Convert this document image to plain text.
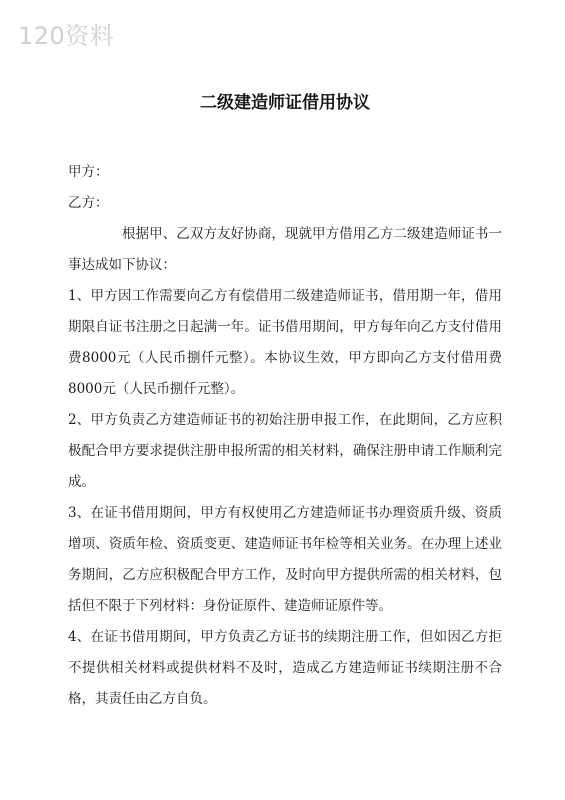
120资料
二级建造师证借用协议

甲方：

乙方：

根据甲、乙双方友好协商，现就甲方借用乙方二级建造师证书一事达成如下协议：

1、甲方因工作需要向乙方有偿借用二级建造师证书，借用期一年，借用期限自证书注册之日起满一年。证书借用期间，甲方每年向乙方支付借用费8000元（人民币捌仟元整）。本协议生效，甲方即向乙方支付借用费8000元（人民币捌仟元整）。

2、甲方负责乙方建造师证书的初始注册申报工作，在此期间，乙方应积极配合甲方要求提供注册申报所需的相关材料，确保注册申请工作顺利完成。

3、在证书借用期间，甲方有权使用乙方建造师证书办理资质升级、资质增项、资质年检、资质变更、建造师证书年检等相关业务。在办理上述业务期间，乙方应积极配合甲方工作，及时向甲方提供所需的相关材料，包括但不限于下列材料：身份证原件、建造师证原件等。

4、在证书借用期间，甲方负责乙方证书的续期注册工作，但如因乙方拒不提供相关材料或提供材料不及时，造成乙方建造师证书续期注册不合格，其责任由乙方自负。
